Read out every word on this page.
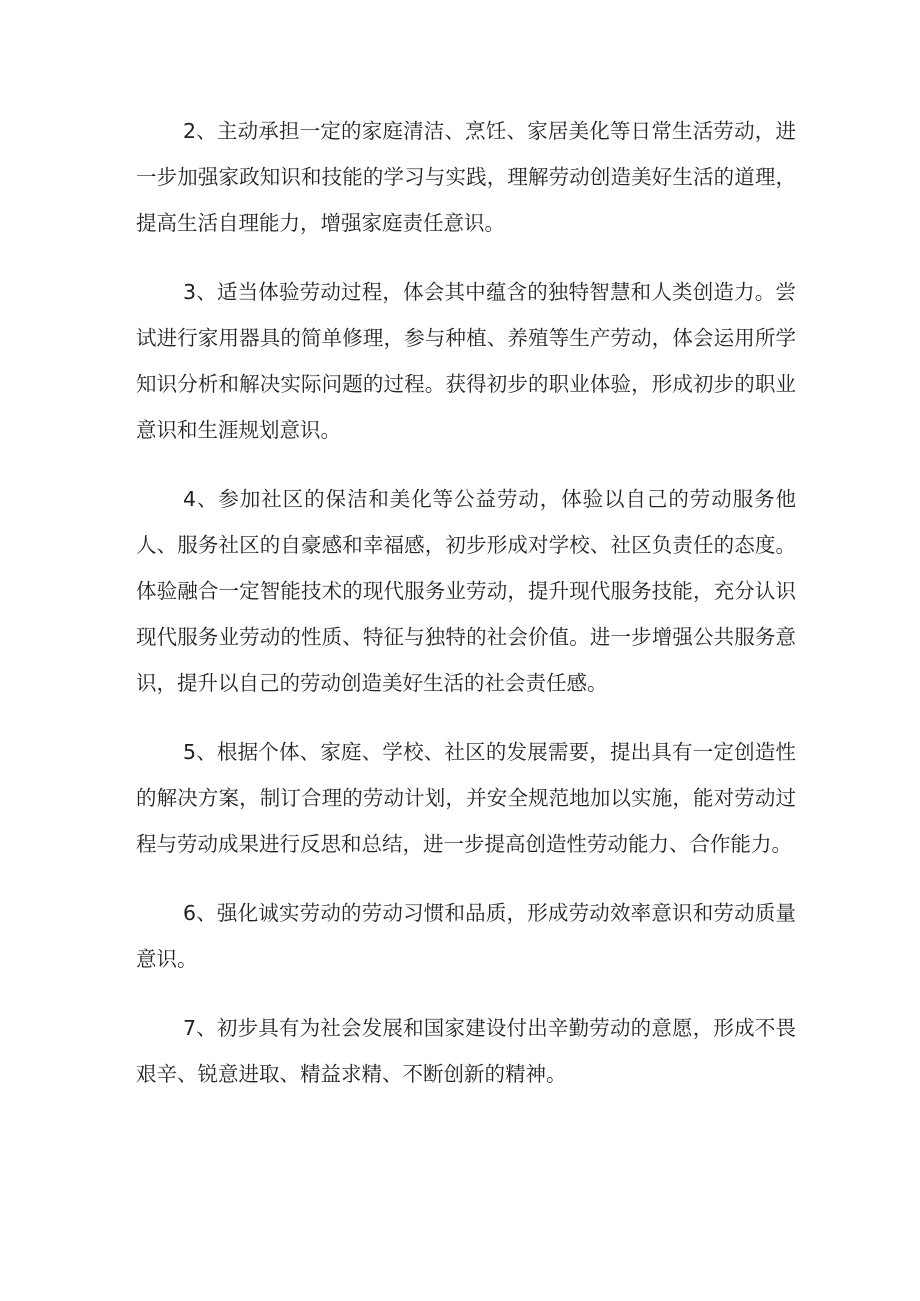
2、主动承担一定的家庭清洁、烹饪、家居美化等日常生活劳动，进一步加强家政知识和技能的学习与实践，理解劳动创造美好生活的道理，提高生活自理能力，增强家庭责任意识。

3、适当体验劳动过程，体会其中蕴含的独特智慧和人类创造力。尝试进行家用器具的简单修理，参与种植、养殖等生产劳动，体会运用所学知识分析和解决实际问题的过程。获得初步的职业体验，形成初步的职业意识和生涯规划意识。

4、参加社区的保洁和美化等公益劳动，体验以自己的劳动服务他人、服务社区的自豪感和幸福感，初步形成对学校、社区负责任的态度。体验融合一定智能技术的现代服务业劳动，提升现代服务技能，充分认识现代服务业劳动的性质、特征与独特的社会价值。进一步增强公共服务意识，提升以自己的劳动创造美好生活的社会责任感。

5、根据个体、家庭、学校、社区的发展需要，提出具有一定创造性的解决方案，制订合理的劳动计划，并安全规范地加以实施，能对劳动过程与劳动成果进行反思和总结，进一步提高创造性劳动能力、合作能力。

6、强化诚实劳动的劳动习惯和品质，形成劳动效率意识和劳动质量意识。

7、初步具有为社会发展和国家建设付出辛勤劳动的意愿，形成不畏艰辛、锐意进取、精益求精、不断创新的精神。
